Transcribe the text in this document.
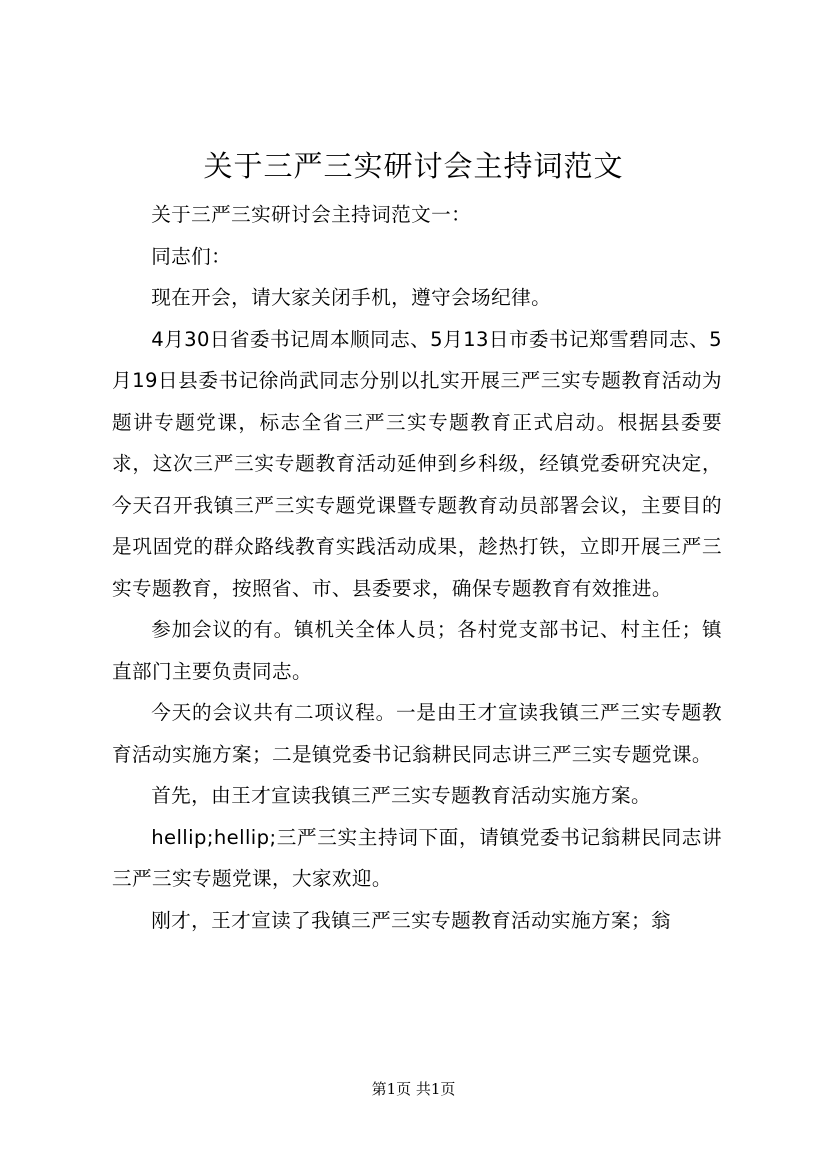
关于三严三实研讨会主持词范文

关于三严三实研讨会主持词范文一：

同志们：

现在开会，请大家关闭手机，遵守会场纪律。

4月30日省委书记周本顺同志、5月13日市委书记郑雪碧同志、5月19日县委书记徐尚武同志分别以扎实开展三严三实专题教育活动为题讲专题党课，标志全省三严三实专题教育正式启动。根据县委要求，这次三严三实专题教育活动延伸到乡科级，经镇党委研究决定，今天召开我镇三严三实专题党课暨专题教育动员部署会议，主要目的是巩固党的群众路线教育实践活动成果，趁热打铁，立即开展三严三实专题教育，按照省、市、县委要求，确保专题教育有效推进。

参加会议的有。镇机关全体人员；各村党支部书记、村主任；镇直部门主要负责同志。

今天的会议共有二项议程。一是由王才宣读我镇三严三实专题教育活动实施方案；二是镇党委书记翁耕民同志讲三严三实专题党课。

首先，由王才宣读我镇三严三实专题教育活动实施方案。

hellip;hellip;三严三实主持词下面，请镇党委书记翁耕民同志讲三严三实专题党课，大家欢迎。

刚才，王才宣读了我镇三严三实专题教育活动实施方案；翁

第1页 共1页
